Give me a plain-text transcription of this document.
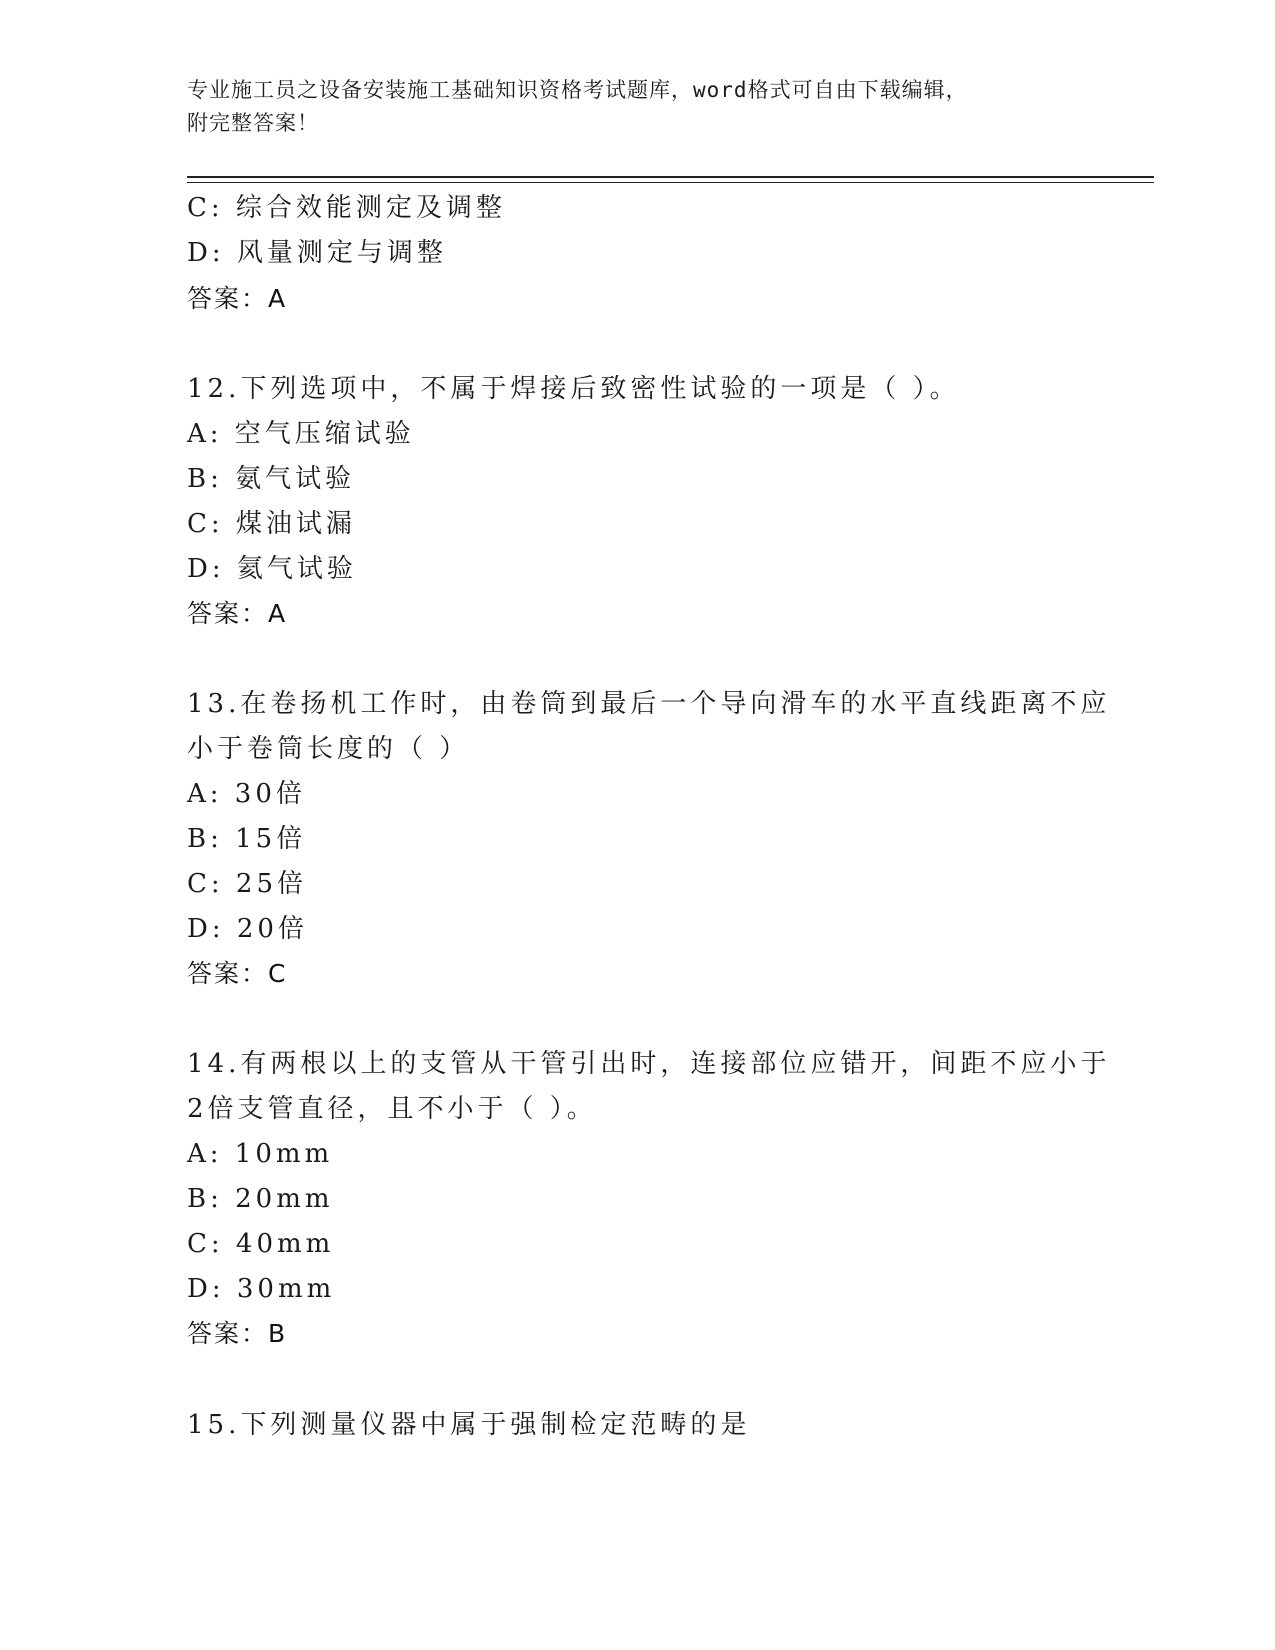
专业施工员之设备安装施工基础知识资格考试题库，word格式可自由下载编辑，
附完整答案！
C: 综合效能测定及调整
D: 风量测定与调整
答案：A
12.下列选项中，不属于焊接后致密性试验的一项是（ ）。
A: 空气压缩试验
B: 氨气试验
C: 煤油试漏
D: 氦气试验
答案：A
13.在卷扬机工作时，由卷筒到最后一个导向滑车的水平直线距离不应
小于卷筒长度的（ ）
A: 30倍
B: 15倍
C: 25倍
D: 20倍
答案：C
14.有两根以上的支管从干管引出时，连接部位应错开，间距不应小于
2倍支管直径，且不小于（ ）。
A: 10mm
B: 20mm
C: 40mm
D: 30mm
答案：B
15.下列测量仪器中属于强制检定范畴的是
